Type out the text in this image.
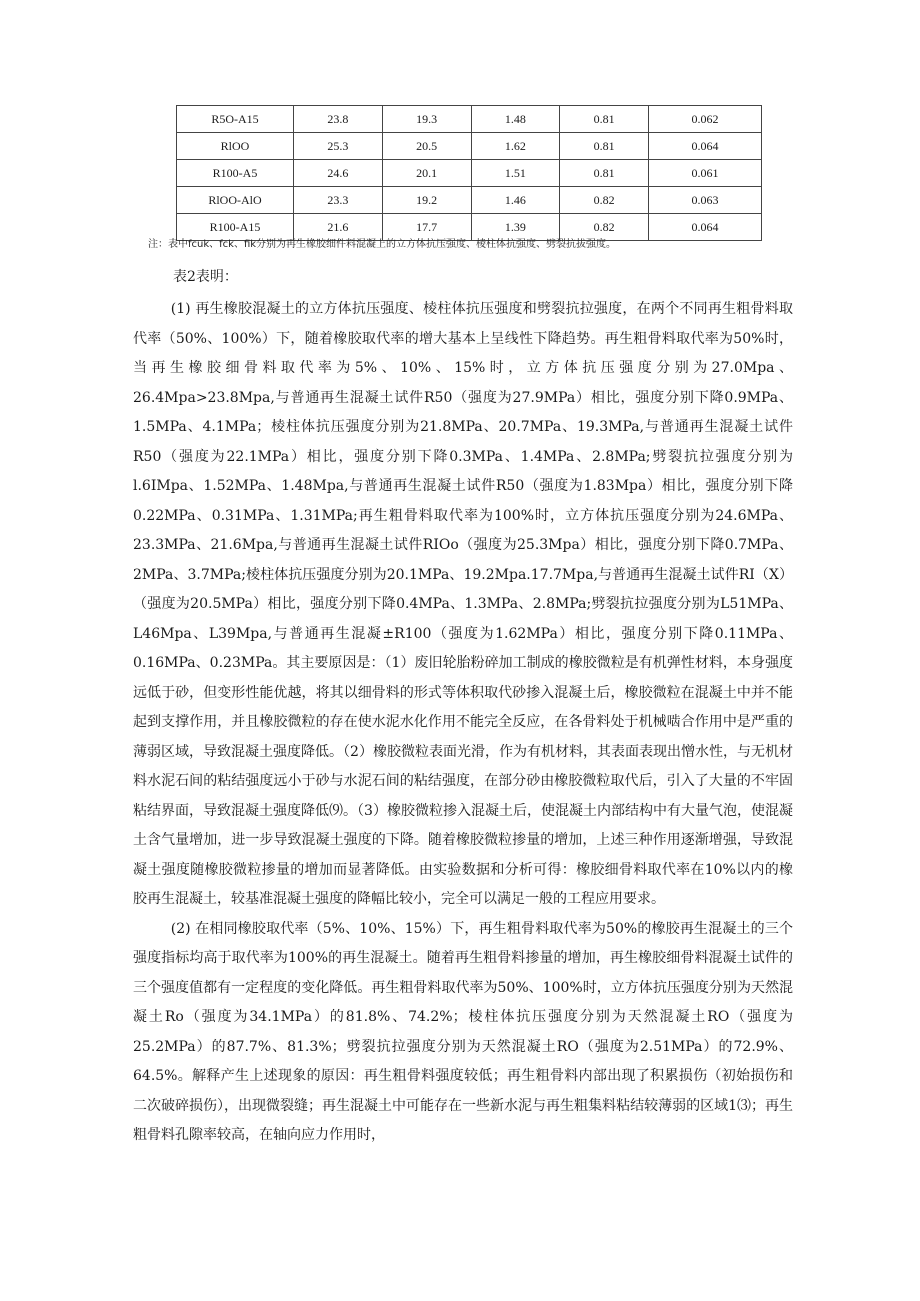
R5O-A15	23.8	19.3	1.48	0.81	0.062
RlOO	25.3	20.5	1.62	0.81	0.064
R100-A5	24.6	20.1	1.51	0.81	0.061
RlOO-AlO	23.3	19.2	1.46	0.82	0.063
R100-A15	21.6	17.7	1.39	0.82	0.064
注：表中fcuk、fck、fik分别为再生橡胶细件料混凝上的立方体抗压强度、棱柱体抗强度、劈裂抗拔强度。
表2表明：

(1) 再生橡胶混凝土的立方体抗压强度、棱柱体抗压强度和劈裂抗拉强度，在两个不同再生粗骨料取代率（50%、100%）下，随着橡胶取代率的增大基本上呈线性下降趋势。再生粗骨料取代率为50%时，当再生橡胶细骨料取代率为5%、10%、15%时，立方体抗压强度分别为27.0Mpa、26.4Mpa>23.8Mpa,与普通再生混凝土试件R50（强度为27.9MPa）相比，强度分别下降0.9MPa、1.5MPa、4.1MPa；棱柱体抗压强度分别为21.8MPa、20.7MPa、19.3MPa,与普通再生混凝土试件R50（强度为22.1MPa）相比，强度分别下降0.3MPa、1.4MPa、2.8MPa;劈裂抗拉强度分别为l.6IMpa、1.52MPa、1.48Mpa,与普通再生混凝土试件R50（强度为1.83Mpa）相比，强度分别下降0.22MPa、0.31MPa、1.31MPa;再生粗骨料取代率为100%时，立方体抗压强度分别为24.6MPa、23.3MPa、21.6Mpa,与普通再生混凝土试件RIOo（强度为25.3Mpa）相比，强度分别下降0.7MPa、2MPa、3.7MPa;棱柱体抗压强度分别为20.1MPa、19.2Mpa.17.7Mpa,与普通再生混凝土试件RI（X）（强度为20.5MPa）相比，强度分别下降0.4MPa、1.3MPa、2.8MPa;劈裂抗拉强度分别为L51MPa、L46Mpa、L39Mpa,与普通再生混凝±R100（强度为1.62MPa）相比，强度分别下降0.11MPa、0.16MPa、0.23MPa。其主要原因是：（1）废旧轮胎粉碎加工制成的橡胶微粒是有机弹性材料，本身强度远低于砂，但变形性能优越，将其以细骨料的形式等体积取代砂掺入混凝土后，橡胶微粒在混凝土中并不能起到支撑作用，并且橡胶微粒的存在使水泥水化作用不能完全反应，在各骨料处于机械啮合作用中是严重的薄弱区域，导致混凝土强度降低。（2）橡胶微粒表面光滑，作为有机材料，其表面表现出憎水性，与无机材料水泥石间的粘结强度远小于砂与水泥石间的粘结强度，在部分砂由橡胶微粒取代后，引入了大量的不牢固粘结界面，导致混凝土强度降低⑼。（3）橡胶微粒掺入混凝土后，使混凝土内部结构中有大量气泡，使混凝土含气量增加，进一步导致混凝土强度的下降。随着橡胶微粒掺量的增加，上述三种作用逐渐增强，导致混凝土强度随橡胶微粒掺量的增加而显著降低。由实验数据和分析可得：橡胶细骨料取代率在10%以内的橡胶再生混凝土，较基准混凝土强度的降幅比较小，完全可以满足一般的工程应用要求。

(2) 在相同橡胶取代率（5%、10%、15%）下，再生粗骨料取代率为50%的橡胶再生混凝土的三个强度指标均高于取代率为100%的再生混凝土。随着再生粗骨料掺量的增加，再生橡胶细骨料混凝土试件的三个强度值都有一定程度的变化降低。再生粗骨料取代率为50%、100%时，立方体抗压强度分别为天然混凝土Ro（强度为34.1MPa）的81.8%、74.2%；棱柱体抗压强度分别为天然混凝土RO（强度为25.2MPa）的87.7%、81.3%；劈裂抗拉强度分别为天然混凝土RO（强度为2.51MPa）的72.9%、64.5%。解释产生上述现象的原因：再生粗骨料强度较低；再生粗骨料内部出现了积累损伤（初始损伤和二次破碎损伤），出现微裂缝；再生混凝土中可能存在一些新水泥与再生粗集料粘结较薄弱的区域1⑶；再生粗骨料孔隙率较高，在轴向应力作用时，
